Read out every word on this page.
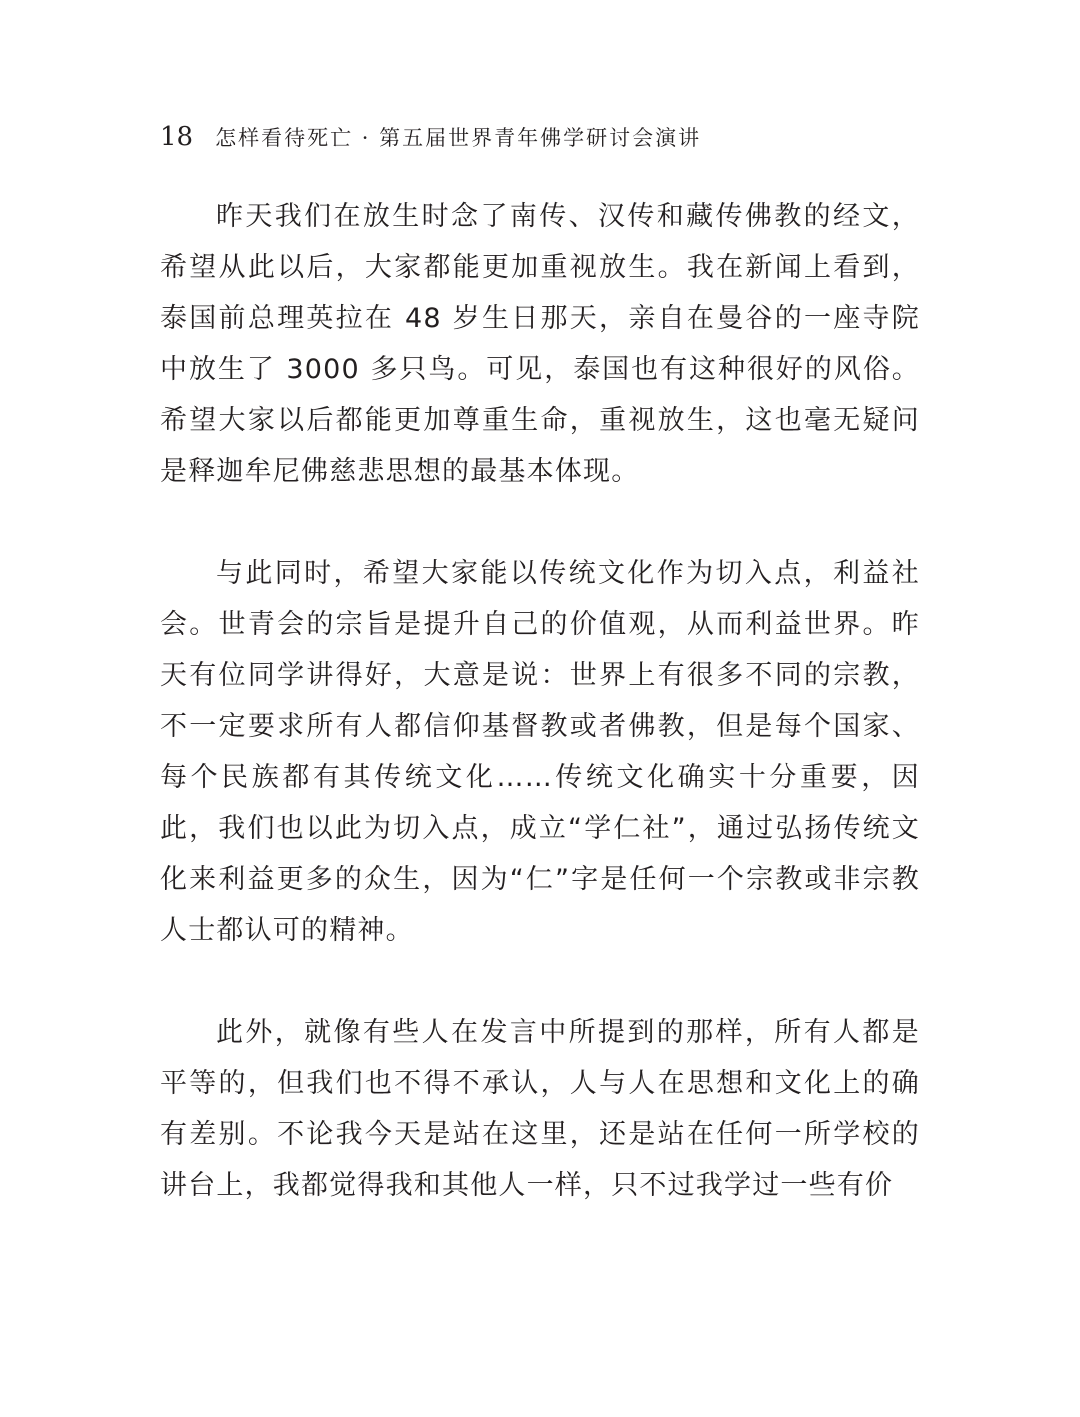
18 怎样看待死亡 · 第五届世界青年佛学研讨会演讲

昨天我们在放生时念了南传、汉传和藏传佛教的经文，希望从此以后，大家都能更加重视放生。我在新闻上看到，泰国前总理英拉在 48 岁生日那天，亲自在曼谷的一座寺院中放生了 3000 多只鸟。可见，泰国也有这种很好的风俗。希望大家以后都能更加尊重生命，重视放生，这也毫无疑问是释迦牟尼佛慈悲思想的最基本体现。

与此同时，希望大家能以传统文化作为切入点，利益社会。世青会的宗旨是提升自己的价值观，从而利益世界。昨天有位同学讲得好，大意是说：世界上有很多不同的宗教，不一定要求所有人都信仰基督教或者佛教，但是每个国家、每个民族都有其传统文化……传统文化确实十分重要，因此，我们也以此为切入点，成立“学仁社”，通过弘扬传统文化来利益更多的众生，因为“仁”字是任何一个宗教或非宗教人士都认可的精神。

此外，就像有些人在发言中所提到的那样，所有人都是平等的，但我们也不得不承认，人与人在思想和文化上的确有差别。不论我今天是站在这里，还是站在任何一所学校的讲台上，我都觉得我和其他人一样，只不过我学过一些有价
